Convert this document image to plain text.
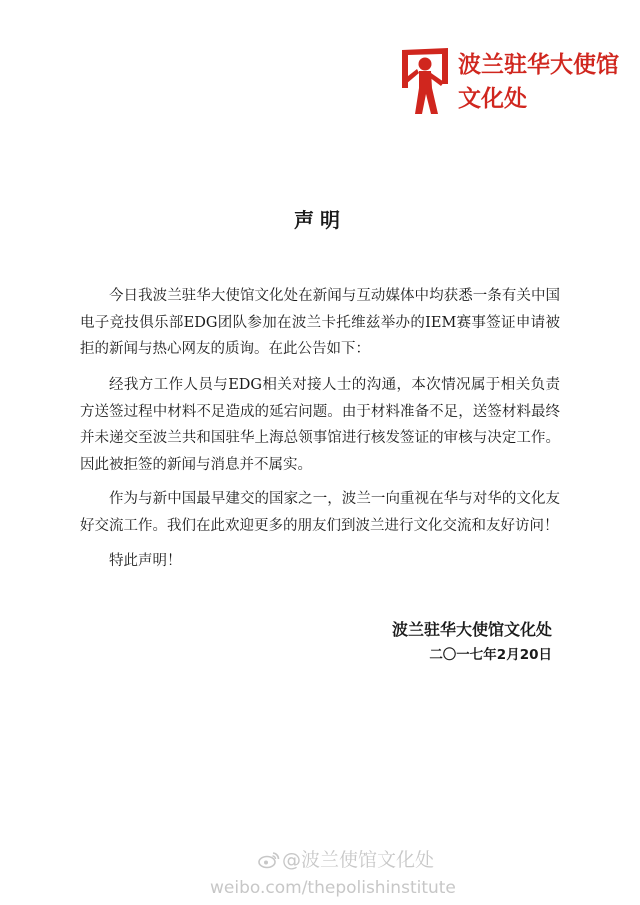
波兰驻华大使馆
文化处
声明

今日我波兰驻华大使馆文化处在新闻与互动媒体中均获悉一条有关中国电子竞技俱乐部EDG团队参加在波兰卡托维兹举办的IEM赛事签证申请被拒的新闻与热心网友的质询。在此公告如下：

经我方工作人员与EDG相关对接人士的沟通，本次情况属于相关负责方送签过程中材料不足造成的延宕问题。由于材料准备不足，送签材料最终并未递交至波兰共和国驻华上海总领事馆进行核发签证的审核与决定工作。因此被拒签的新闻与消息并不属实。

作为与新中国最早建交的国家之一，波兰一向重视在华与对华的文化友好交流工作。我们在此欢迎更多的朋友们到波兰进行文化交流和友好访问！

特此声明！

波兰驻华大使馆文化处
二〇一七年2月20日
@波兰使馆文化处
weibo.com/thepolishinstitute
